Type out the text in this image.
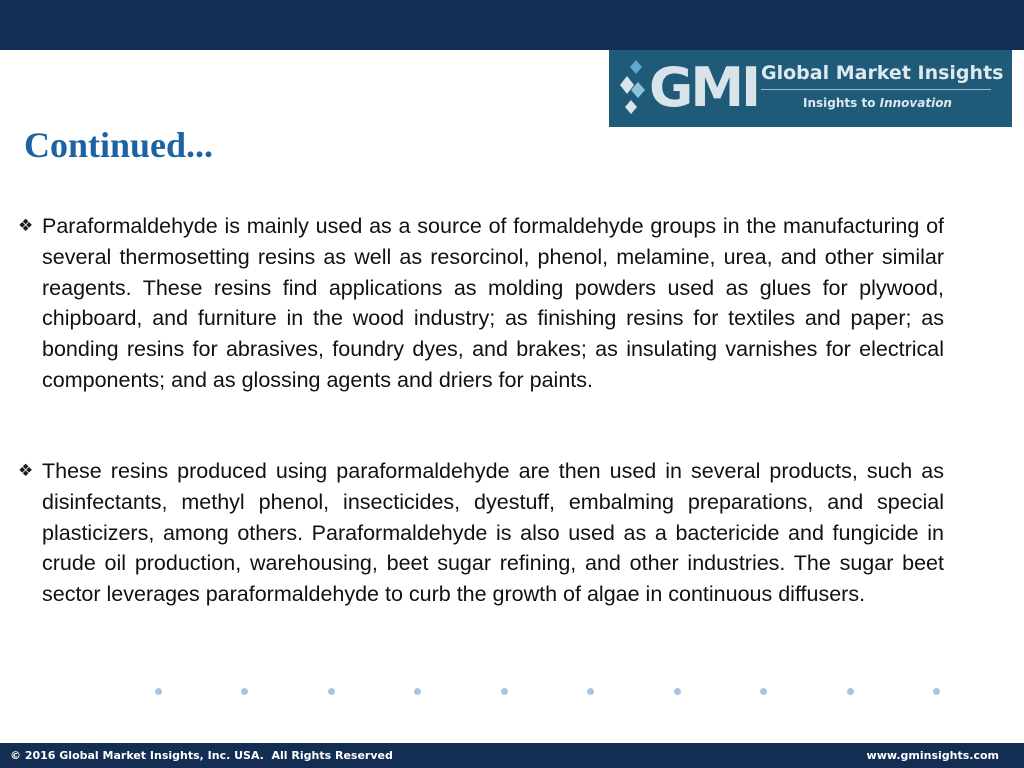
GMI Global Market Insights
Insights to Innovation
Continued...
❖ Paraformaldehyde is mainly used as a source of formaldehyde groups in the manufacturing of several thermosetting resins as well as resorcinol, phenol, melamine, urea, and other similar reagents. These resins find applications as molding powders used as glues for plywood, chipboard, and furniture in the wood industry; as finishing resins for textiles and paper; as bonding resins for abrasives, foundry dyes, and brakes; as insulating varnishes for electrical components; and as glossing agents and driers for paints.

❖ These resins produced using paraformaldehyde are then used in several products, such as disinfectants, methyl phenol, insecticides, dyestuff, embalming preparations, and special plasticizers, among others. Paraformaldehyde is also used as a bactericide and fungicide in crude oil production, warehousing, beet sugar refining, and other industries. The sugar beet sector leverages paraformaldehyde to curb the growth of algae in continuous diffusers.

© 2016 Global Market Insights, Inc. USA.  All Rights Reserved	www.gminsights.com
